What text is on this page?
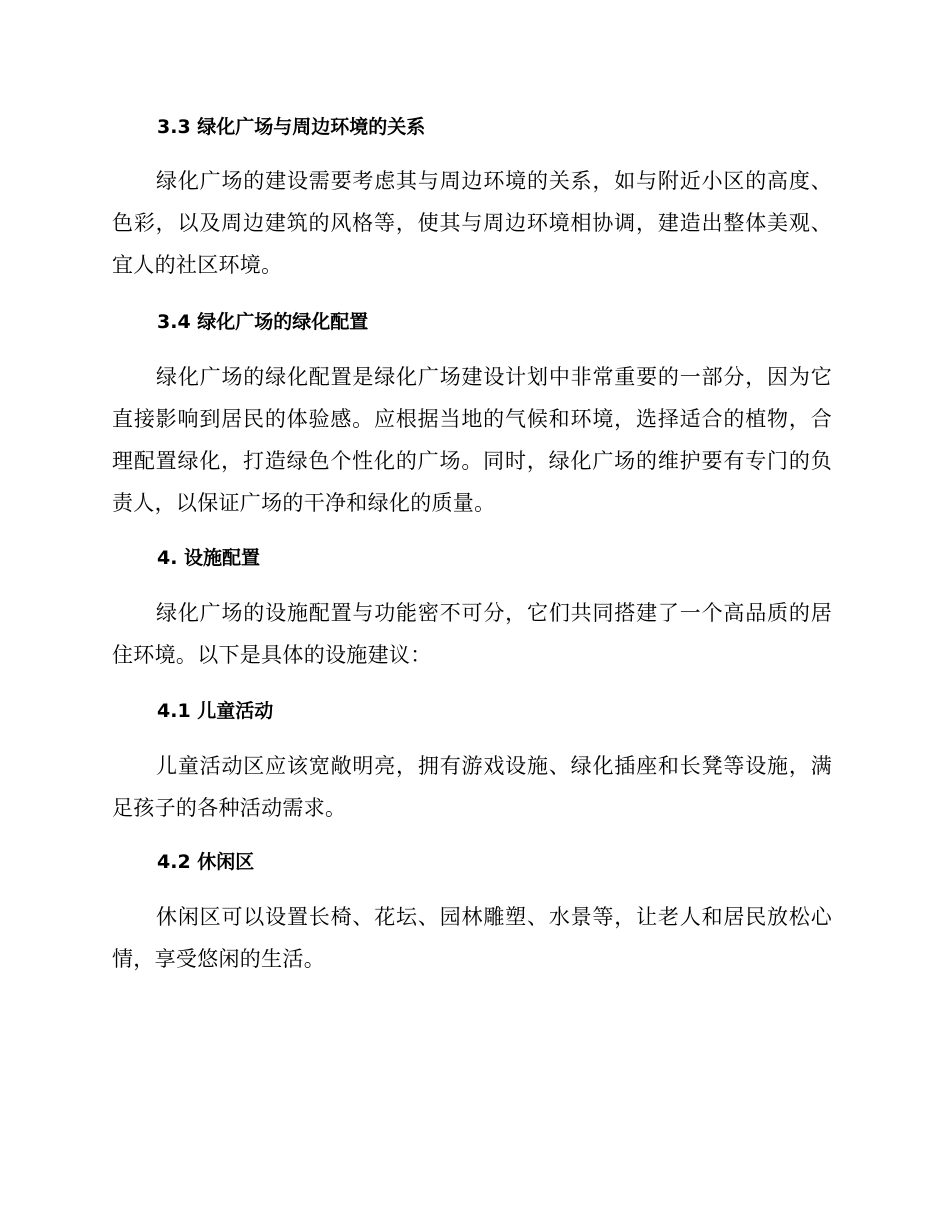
3.3 绿化广场与周边环境的关系
绿化广场的建设需要考虑其与周边环境的关系，如与附近小区的高度、色彩，以及周边建筑的风格等，使其与周边环境相协调，建造出整体美观、宜人的社区环境。
3.4 绿化广场的绿化配置
绿化广场的绿化配置是绿化广场建设计划中非常重要的一部分，因为它直接影响到居民的体验感。应根据当地的气候和环境，选择适合的植物，合理配置绿化，打造绿色个性化的广场。同时，绿化广场的维护要有专门的负责人，以保证广场的干净和绿化的质量。
4. 设施配置
绿化广场的设施配置与功能密不可分，它们共同搭建了一个高品质的居住环境。以下是具体的设施建议：
4.1 儿童活动
儿童活动区应该宽敞明亮，拥有游戏设施、绿化插座和长凳等设施，满足孩子的各种活动需求。
4.2 休闲区
休闲区可以设置长椅、花坛、园林雕塑、水景等，让老人和居民放松心情，享受悠闲的生活。
